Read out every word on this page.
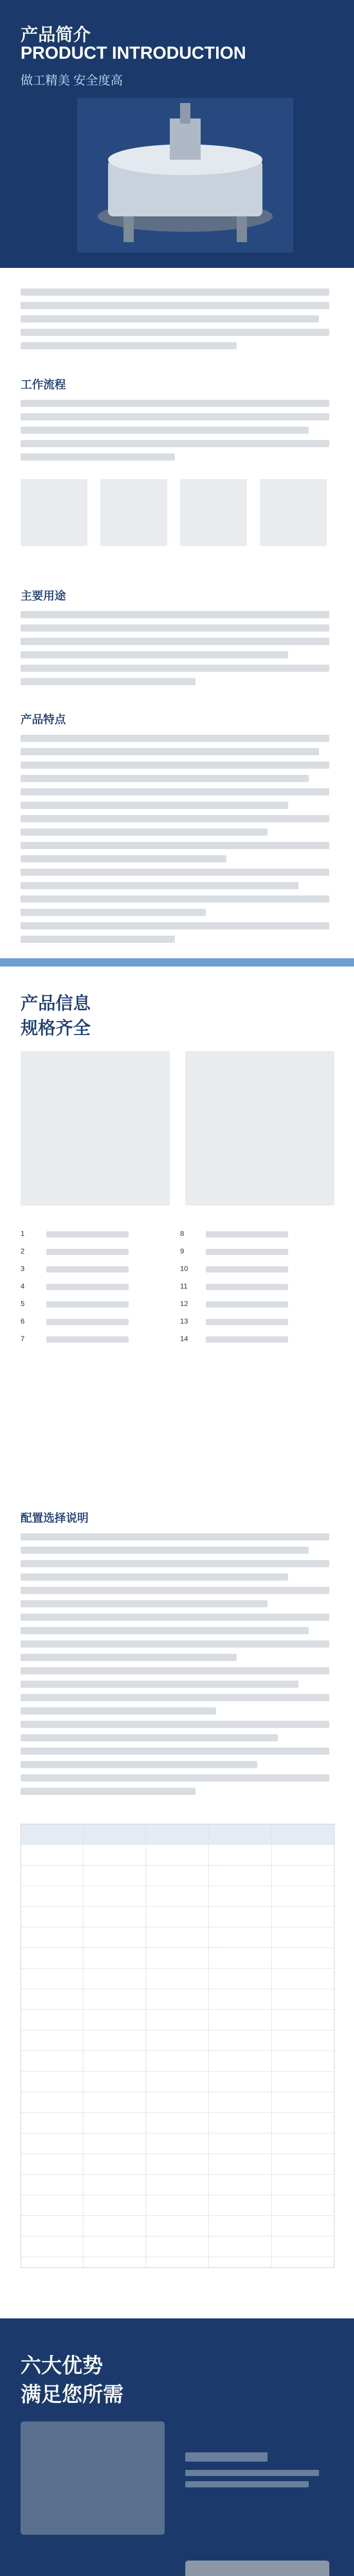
产品简介
PRODUCT INTRODUCTION
做工精美 安全度高
工作流程
主要用途
产品特点
产品信息
规格齐全
1
2
3
4
5
6
7
8
9
10
11
12
13
14
配置选择说明
六大优势
满足您所需
